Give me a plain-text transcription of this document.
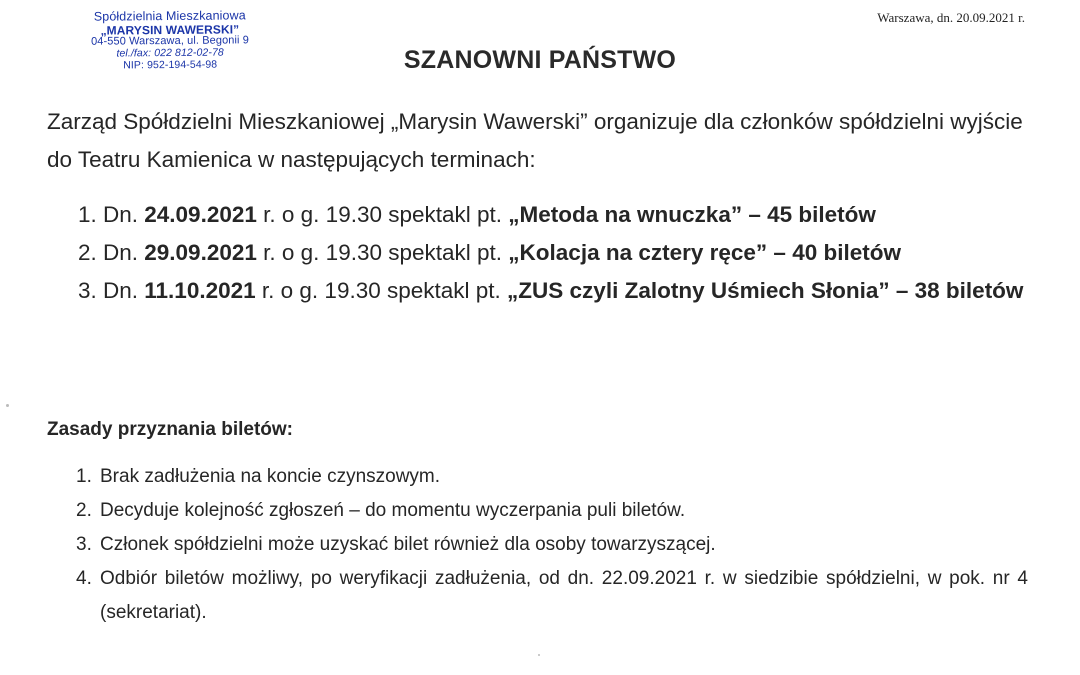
Spółdzielnia Mieszkaniowa
„MARYSIN WAWERSKI”
04-550 Warszawa, ul. Begonii 9
tel./fax: 022 812-02-78
NIP: 952-194-54-98
Warszawa, dn. 20.09.2021 r.
SZANOWNI PAŃSTWO
Zarząd Spółdzielni Mieszkaniowej „Marysin Wawerski” organizuje dla członków spółdzielni wyjście do Teatru Kamienica w następujących terminach:
1. Dn. 24.09.2021 r. o g. 19.30 spektakl pt. „Metoda na wnuczka” – 45 biletów
2. Dn. 29.09.2021 r. o g. 19.30 spektakl pt. „Kolacja na cztery ręce” – 40 biletów
3. Dn. 11.10.2021 r. o g. 19.30 spektakl pt. „ZUS czyli Zalotny Uśmiech Słonia” – 38 biletów
Zasady przyznania biletów:
1. Brak zadłużenia na koncie czynszowym.
2. Decyduje kolejność zgłoszeń – do momentu wyczerpania puli biletów.
3. Członek spółdzielni może uzyskać bilet również dla osoby towarzyszącej.
4. Odbiór biletów możliwy, po weryfikacji zadłużenia, od dn. 22.09.2021 r. w siedzibie spółdzielni, w pok. nr 4 (sekretariat).
